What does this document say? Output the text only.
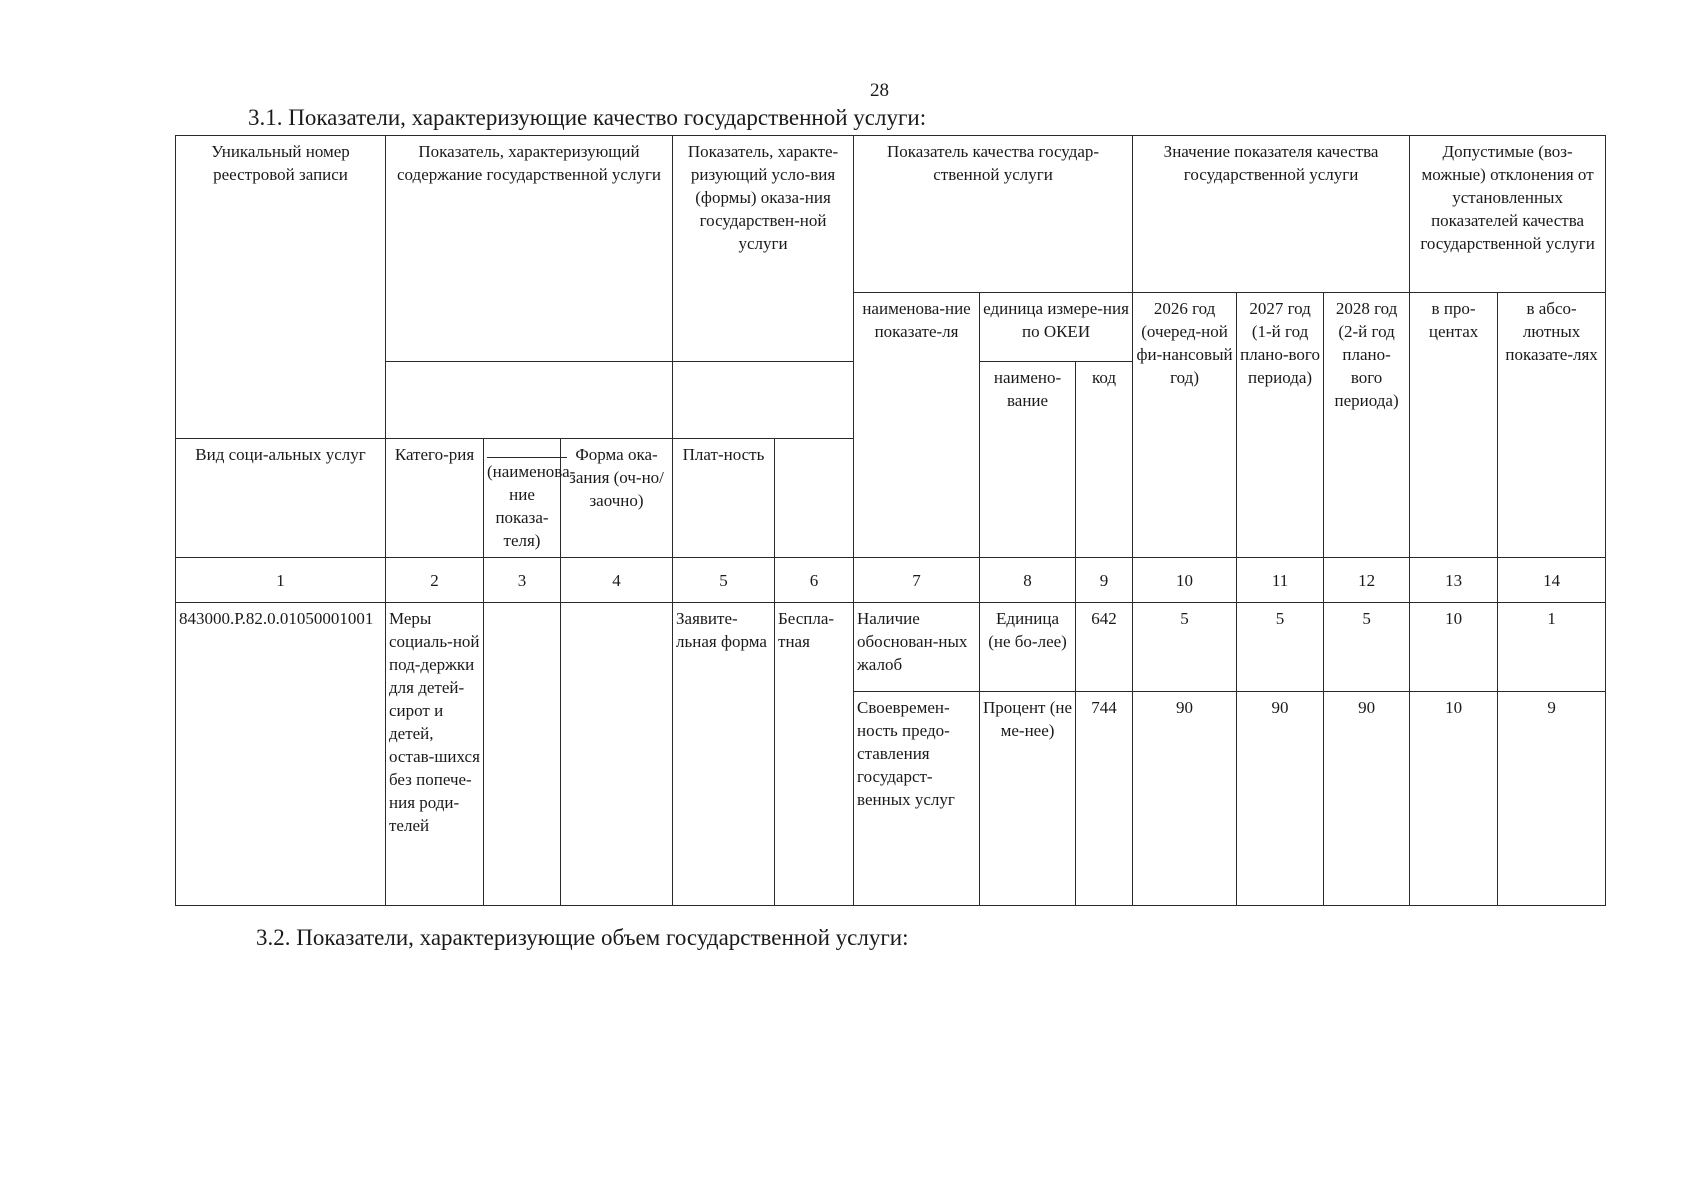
28
3.1. Показатели, характеризующие качество государственной услуги:
Уникальный номер реестровой записи	Показатель, характеризующий содержание государственной услуги			Показатель, характе-ризующий усло-вия (формы) оказа-ния государствен-ной услуги		Показатель качества государ-ственной услуги			Значение показателя качества государственной услуги			Допустимые (воз-можные) отклонения от установленных показателей качества государственной услуги	
						наименова-ние показате-ля	единица измере-ния по ОКЕИ		2026 год (очеред-ной фи-нансовый год)	2027 год (1-й год плано-вого периода)	2028 год (2-й год плано-вого периода)	в про-центах	в абсо-лютных показате-лях
							наимено-вание	код					
Вид соци-альных услуг	Катего-рия	(наименова-ние показа-теля)	Форма ока-зания (оч-но/заочно)	Плат-ность									
1	2	3	4	5	6	7	8	9	10	11	12	13	14
843000.Р.82.0.01050001001	Меры социаль-ной под-держки для детей-сирот и детей, остав-шихся без попече-ния роди-телей			Заявите-льная форма	Беспла-тная	Наличие обоснован-ных жалоб	Единица (не бо-лее)	642	5	5	5	10	1
						Своевремен-ность предо-ставления государст-венных услуг	Процент (не ме-нее)	744	90	90	90	10	9
3.2. Показатели, характеризующие объем государственной услуги:
